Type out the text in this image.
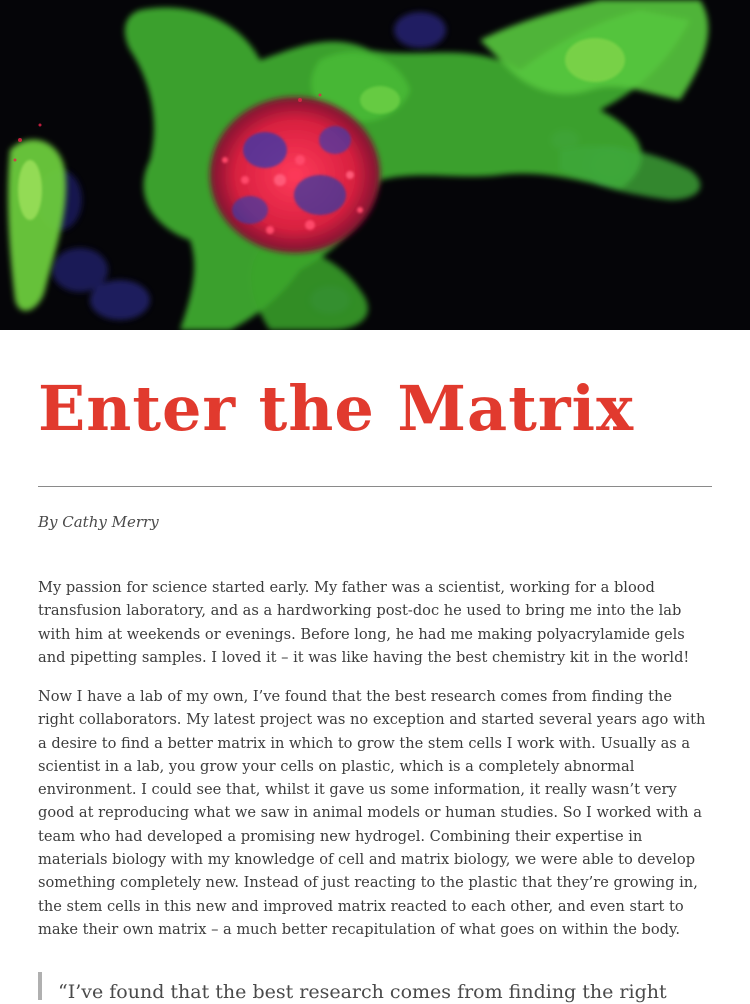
Enter the Matrix
By Cathy Merry

My passion for science started early. My father was a scientist, working for a blood
transfusion laboratory, and as a hardworking post-doc he used to bring me into the lab
with him at weekends or evenings. Before long, he had me making polyacrylamide gels
and pipetting samples. I loved it – it was like having the best chemistry kit in the world!

Now I have a lab of my own, I’ve found that the best research comes from finding the
right collaborators. My latest project was no exception and started several years ago with
a desire to find a better matrix in which to grow the stem cells I work with. Usually as a
scientist in a lab, you grow your cells on plastic, which is a completely abnormal
environment. I could see that, whilst it gave us some information, it really wasn’t very
good at reproducing what we saw in animal models or human studies. So I worked with a
team who had developed a promising new hydrogel. Combining their expertise in
materials biology with my knowledge of cell and matrix biology, we were able to develop
something completely new. Instead of just reacting to the plastic that they’re growing in,
the stem cells in this new and improved matrix reacted to each other, and even start to
make their own matrix – a much better recapitulation of what goes on within the body.

“I’ve found that the best research comes from finding the right
